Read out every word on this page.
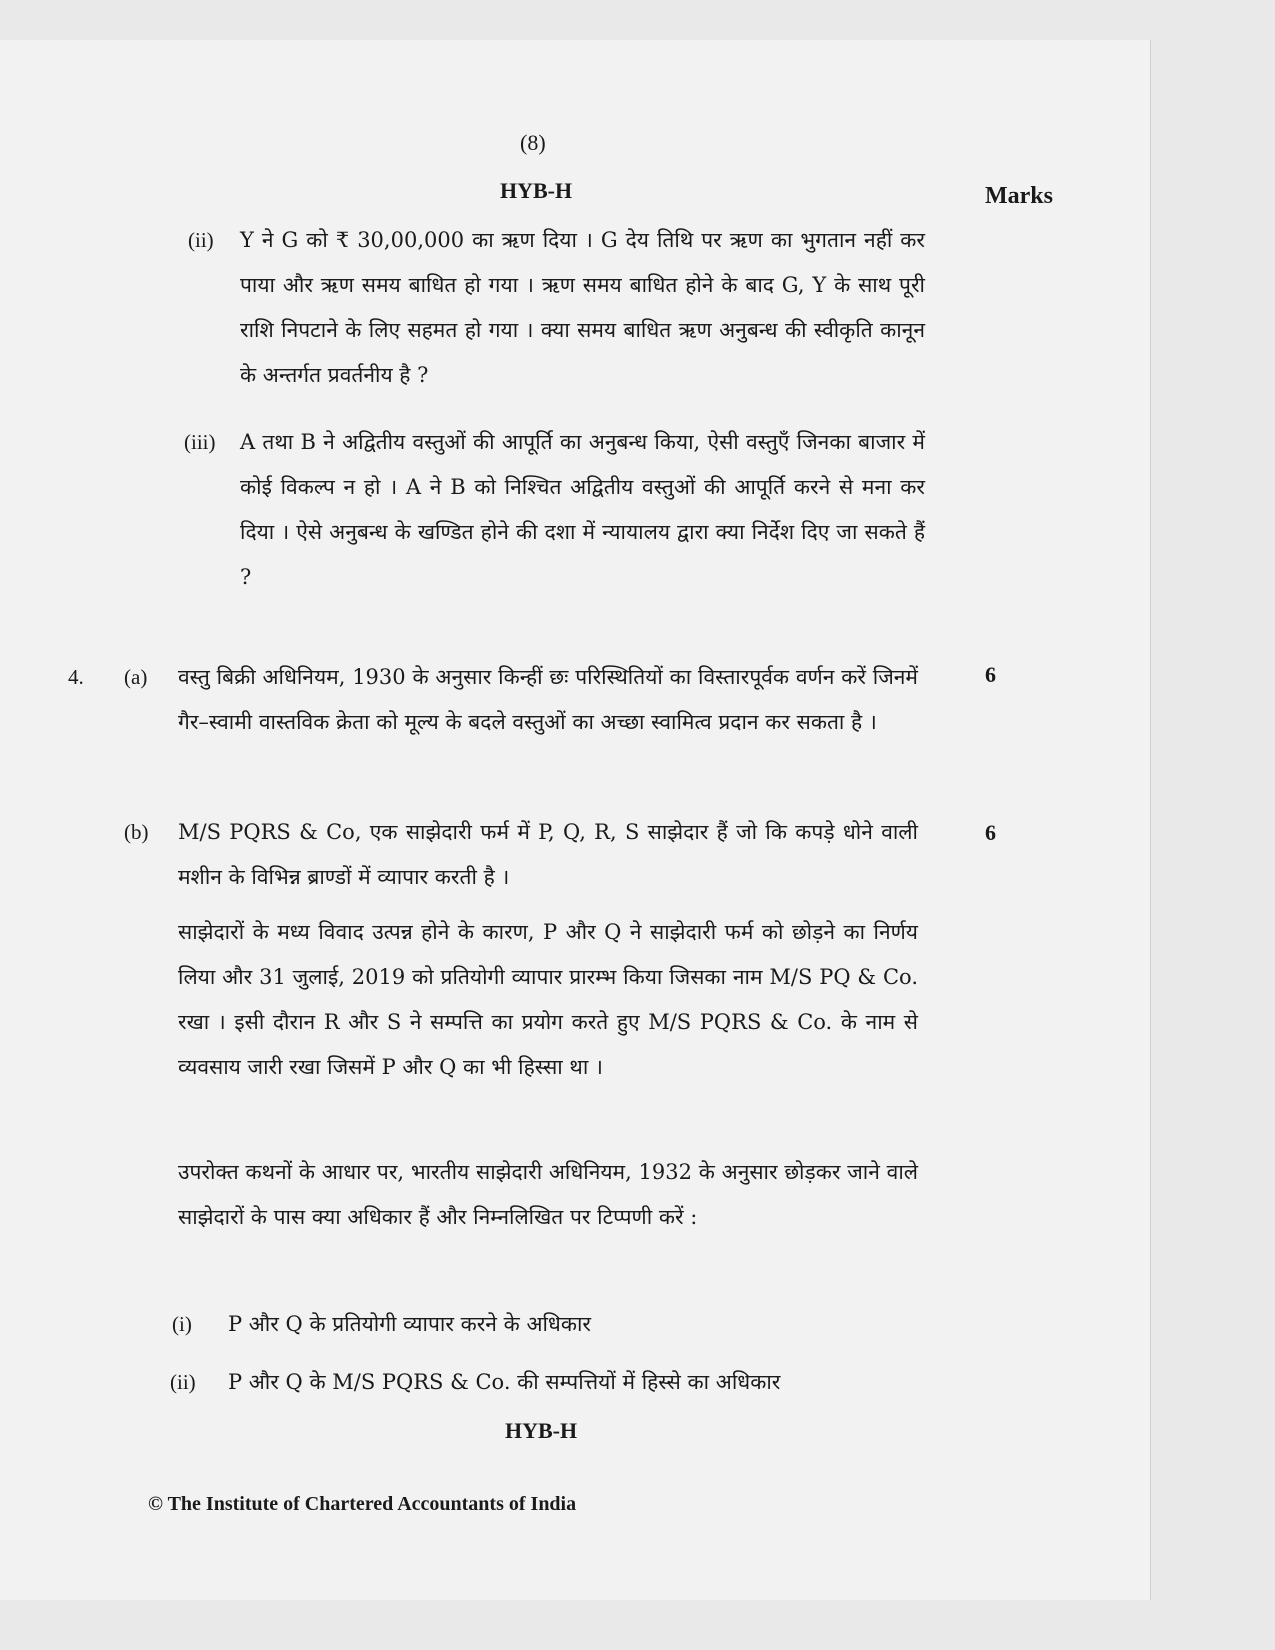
(8)
HYB-H	Marks
(ii) Y ने G को ₹ 30,00,000 का ऋण दिया । G देय तिथि पर ऋण का भुगतान नहीं कर पाया और ऋण समय बाधित हो गया । ऋण समय बाधित होने के बाद G, Y के साथ पूरी राशि निपटाने के लिए सहमत हो गया । क्या समय बाधित ऋण अनुबन्ध की स्वीकृति कानून के अन्तर्गत प्रवर्तनीय है ?
(iii) A तथा B ने अद्वितीय वस्तुओं की आपूर्ति का अनुबन्ध किया, ऐसी वस्तुएँ जिनका बाजार में कोई विकल्प न हो । A ने B को निश्चित अद्वितीय वस्तुओं की आपूर्ति करने से मना कर दिया । ऐसे अनुबन्ध के खण्डित होने की दशा में न्यायालय द्वारा क्या निर्देश दिए जा सकते हैं ?
4. (a) वस्तु बिक्री अधिनियम, 1930 के अनुसार किन्हीं छः परिस्थितियों का विस्तारपूर्वक वर्णन करें जिनमें गैर–स्वामी वास्तविक क्रेता को मूल्य के बदले वस्तुओं का अच्छा स्वामित्व प्रदान कर सकता है ।
6
(b) M/S PQRS & Co, एक साझेदारी फर्म में P, Q, R, S साझेदार हैं जो कि कपड़े धोने वाली मशीन के विभिन्न ब्राण्डों में व्यापार करती है ।
6
साझेदारों के मध्य विवाद उत्पन्न होने के कारण, P और Q ने साझेदारी फर्म को छोड़ने का निर्णय लिया और 31 जुलाई, 2019 को प्रतियोगी व्यापार प्रारम्भ किया जिसका नाम M/S PQ & Co. रखा । इसी दौरान R और S ने सम्पत्ति का प्रयोग करते हुए M/S PQRS & Co. के नाम से व्यवसाय जारी रखा जिसमें P और Q का भी हिस्सा था ।
उपरोक्त कथनों के आधार पर, भारतीय साझेदारी अधिनियम, 1932 के अनुसार छोड़कर जाने वाले साझेदारों के पास क्या अधिकार हैं और निम्नलिखित पर टिप्पणी करें :
(i) P और Q के प्रतियोगी व्यापार करने के अधिकार
(ii) P और Q के M/S PQRS & Co. की सम्पत्तियों में हिस्से का अधिकार
HYB-H
© The Institute of Chartered Accountants of India
